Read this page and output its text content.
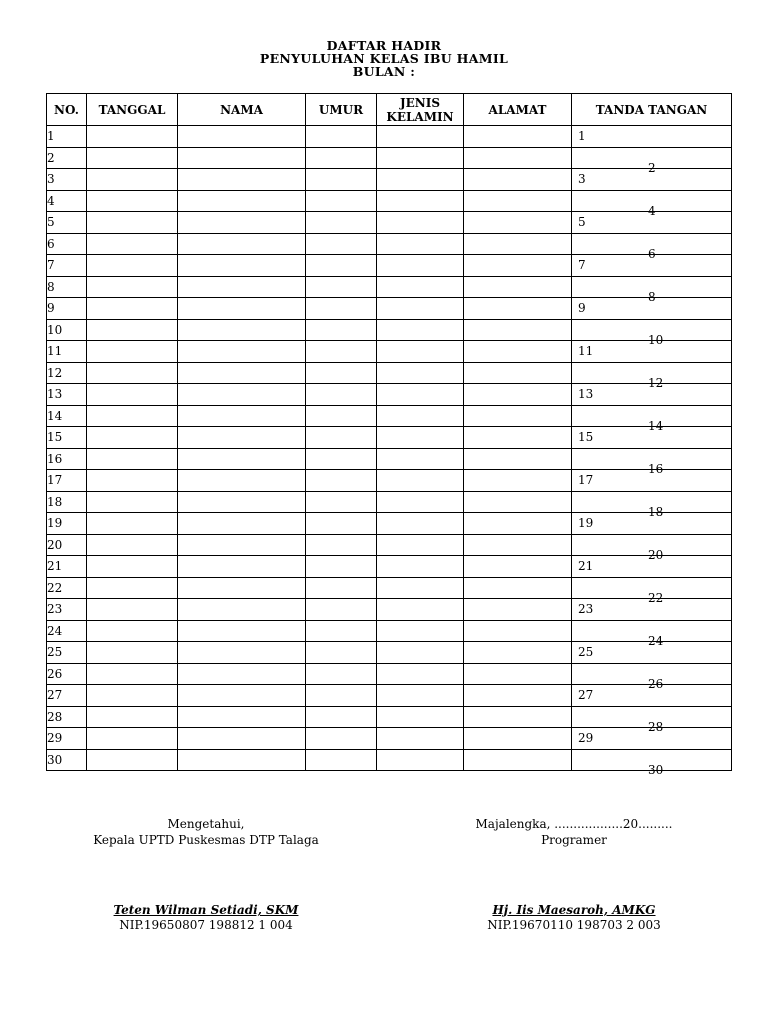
DAFTAR HADIR
PENYULUHAN KELAS IBU HAMIL
BULAN :
NO.	TANGGAL	NAMA	UMUR	JENIS KELAMIN	ALAMAT	TANDA TANGAN
1						1

2						2

3						3

4						4

5						5

6						6

7						7

8						8

9						9

10						10

11						11

12						12

13						13

14						14

15						15

16						16

17						17

18						18

19						19

20						20

21						21

22						22

23						23

24						24

25						25

26						26

27						27

28						28

29						29

30						30
Mengetahui,
Kepala UPTD Puskesmas DTP Talaga
Teten Wilman Setiadi, SKM
NIP.19650807 198812 1 004
Majalengka, ..................20.........
Programer
Hj. Iis Maesaroh, AMKG
NIP.19670110 198703 2 003
